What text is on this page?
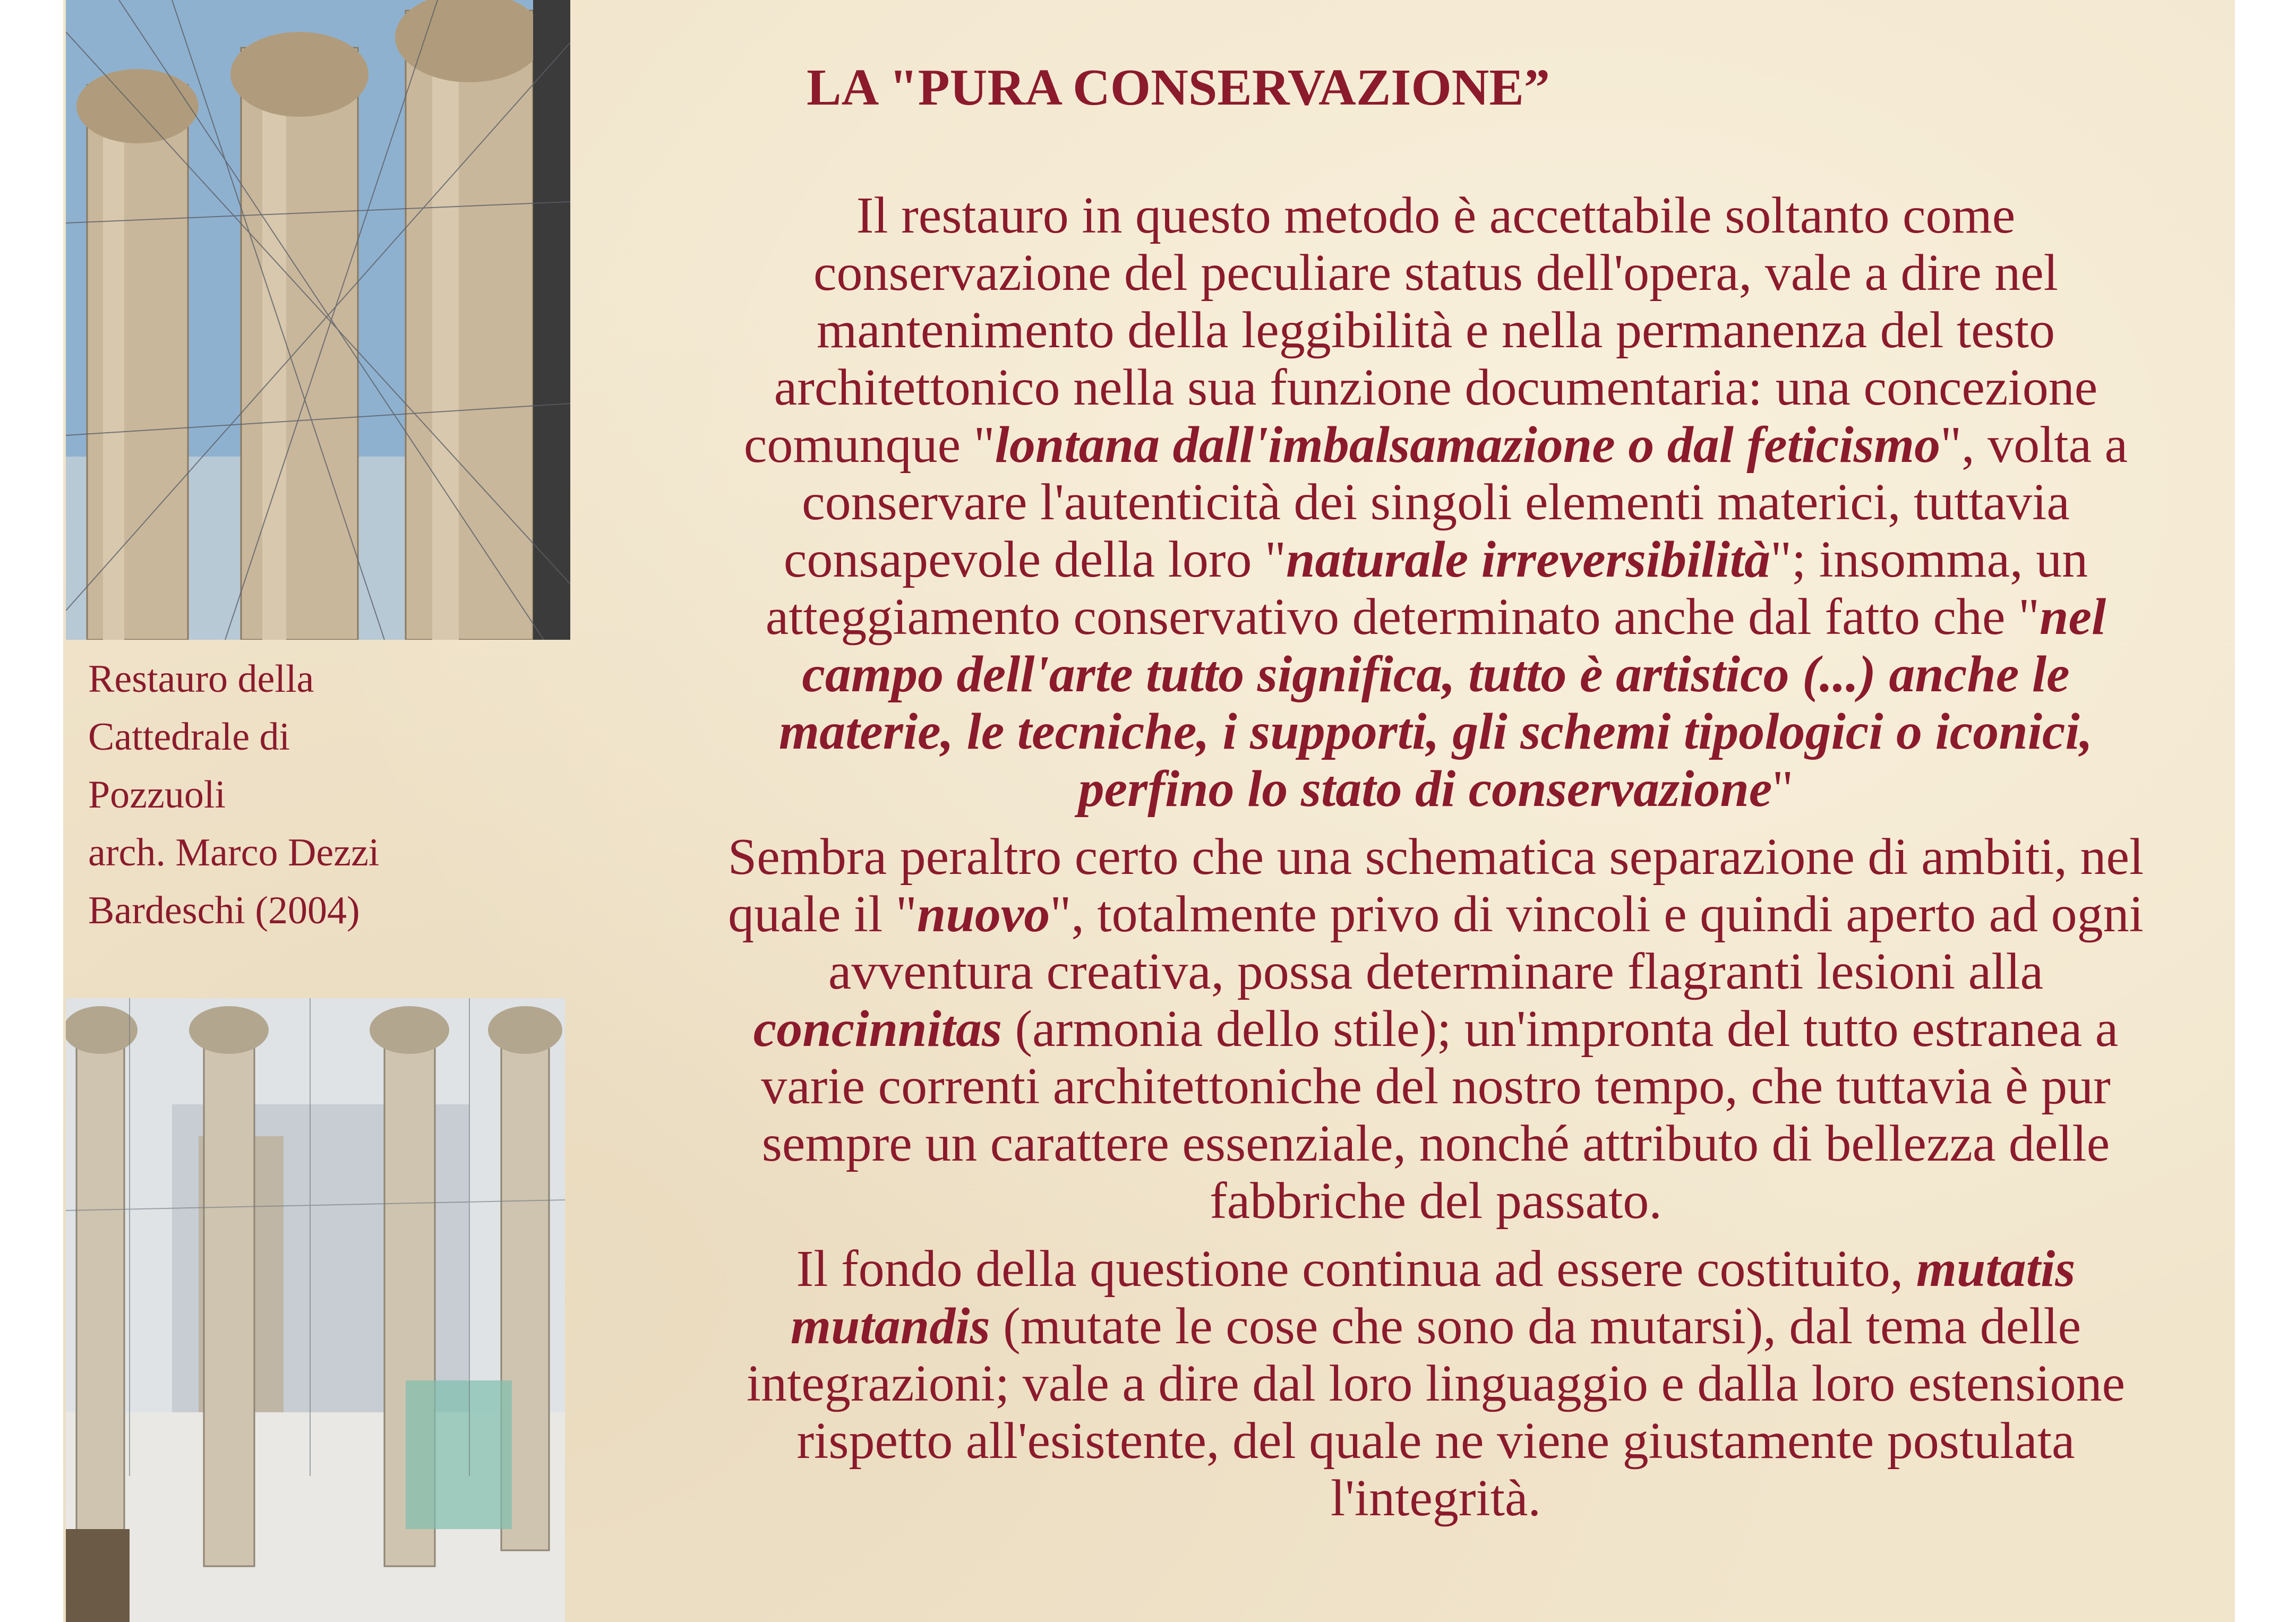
Restauro della
Cattedrale di
Pozzuoli
arch. Marco Dezzi
Bardeschi (2004)
LA "PURA CONSERVAZIONE”
Il restauro in questo metodo è accettabile soltanto come
conservazione del peculiare status dell'opera, vale a dire nel
mantenimento della leggibilità e nella permanenza del testo
architettonico nella sua funzione documentaria: una concezione
comunque "lontana dall'imbalsamazione o dal feticismo", volta a
conservare l'autenticità dei singoli elementi materici, tuttavia
consapevole della loro "naturale irreversibilità"; insomma, un
atteggiamento conservativo determinato anche dal fatto che "nel
campo dell'arte tutto significa, tutto è artistico (...) anche le
materie, le tecniche, i supporti, gli schemi tipologici o iconici,
perfino lo stato di conservazione"
Sembra peraltro certo che una schematica separazione di ambiti, nel
quale il "nuovo", totalmente privo di vincoli e quindi aperto ad ogni
avventura creativa, possa determinare flagranti lesioni alla
concinnitas (armonia dello stile); un'impronta del tutto estranea a
varie correnti architettoniche del nostro tempo, che tuttavia è pur
sempre un carattere essenziale, nonché attributo di bellezza delle
fabbriche del passato.
Il fondo della questione continua ad essere costituito, mutatis
mutandis (mutate le cose che sono da mutarsi), dal tema delle
integrazioni; vale a dire dal loro linguaggio e dalla loro estensione
rispetto all'esistente, del quale ne viene giustamente postulata
l'integrità.
